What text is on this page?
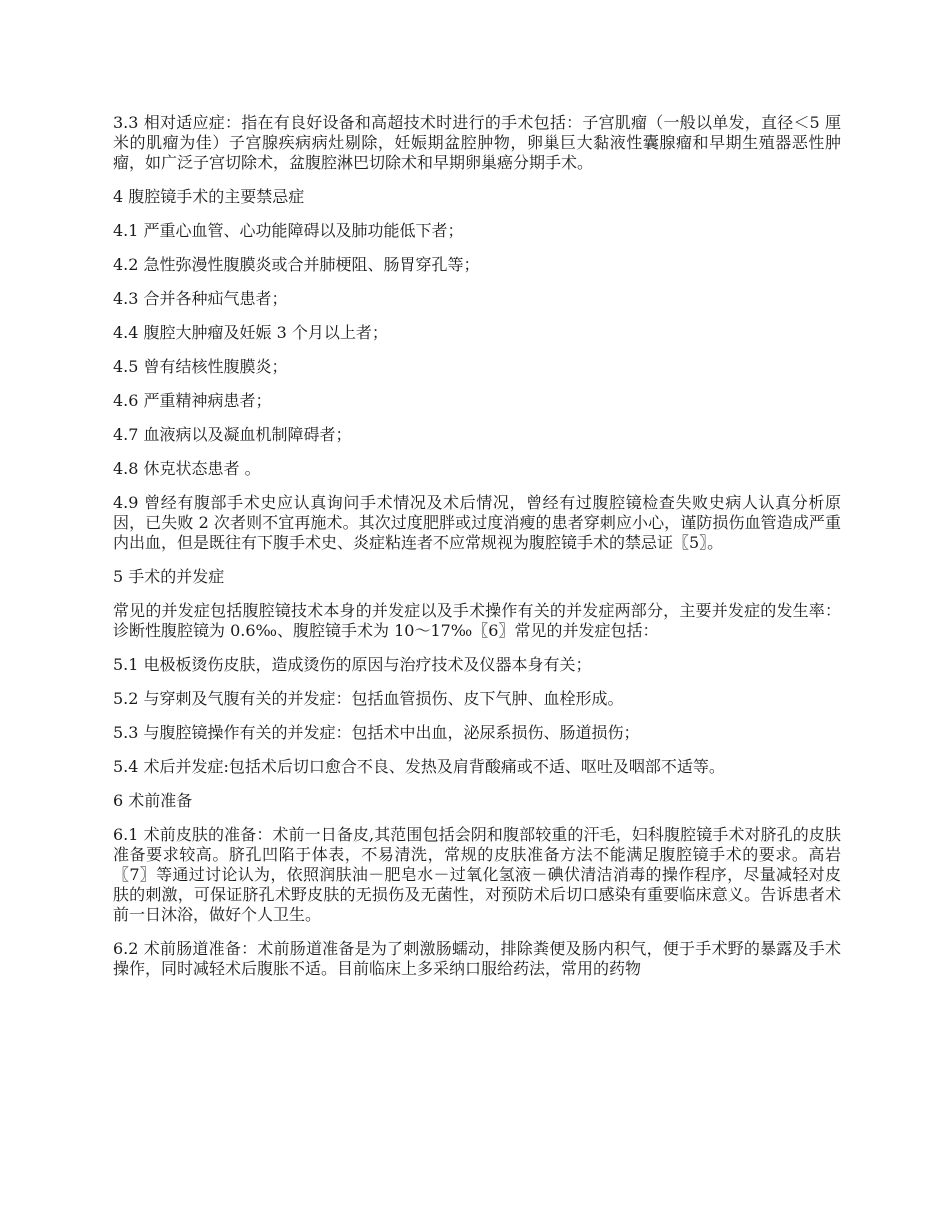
3.3 相对适应症：指在有良好设备和高超技术时进行的手术包括：子宫肌瘤（一般以单发，直径＜5 厘米的肌瘤为佳）子宫腺疾病病灶剔除，妊娠期盆腔肿物，卵巢巨大黏液性囊腺瘤和早期生殖器恶性肿瘤，如广泛子宫切除术，盆腹腔淋巴切除术和早期卵巢癌分期手术。

4 腹腔镜手术的主要禁忌症

4.1 严重心血管、心功能障碍以及肺功能低下者；

4.2 急性弥漫性腹膜炎或合并肺梗阻、肠胃穿孔等；

4.3 合并各种疝气患者；

4.4 腹腔大肿瘤及妊娠 3 个月以上者；

4.5 曾有结核性腹膜炎；

4.6 严重精神病患者；

4.7 血液病以及凝血机制障碍者；

4.8 休克状态患者 。

4.9 曾经有腹部手术史应认真询问手术情况及术后情况，曾经有过腹腔镜检查失败史病人认真分析原因，已失败 2 次者则不宜再施术。其次过度肥胖或过度消瘦的患者穿刺应小心，谨防损伤血管造成严重内出血，但是既往有下腹手术史、炎症粘连者不应常规视为腹腔镜手术的禁忌证〖5〗。

5 手术的并发症

常见的并发症包括腹腔镜技术本身的并发症以及手术操作有关的并发症两部分，主要并发症的发生率：诊断性腹腔镜为 0.6‰、腹腔镜手术为 10～17‰〖6〗常见的并发症包括：

5.1 电极板烫伤皮肤，造成烫伤的原因与治疗技术及仪器本身有关；

5.2 与穿刺及气腹有关的并发症：包括血管损伤、皮下气肿、血栓形成。

5.3 与腹腔镜操作有关的并发症：包括术中出血，泌尿系损伤、肠道损伤；

5.4 术后并发症:包括术后切口愈合不良、发热及肩背酸痛或不适、呕吐及咽部不适等。

6 术前准备

6.1 术前皮肤的准备：术前一日备皮,其范围包括会阴和腹部较重的汗毛，妇科腹腔镜手术对脐孔的皮肤准备要求较高。脐孔凹陷于体表，不易清洗，常规的皮肤准备方法不能满足腹腔镜手术的要求。高岩〖7〗等通过讨论认为，依照润肤油－肥皂水－过氧化氢液－碘伏清洁消毒的操作程序，尽量减轻对皮肤的刺激，可保证脐孔术野皮肤的无损伤及无菌性，对预防术后切口感染有重要临床意义。告诉患者术前一日沐浴，做好个人卫生。

6.2 术前肠道准备：术前肠道准备是为了刺激肠蠕动，排除粪便及肠内积气，便于手术野的暴露及手术操作，同时减轻术后腹胀不适。目前临床上多采纳口服给药法，常用的药物
